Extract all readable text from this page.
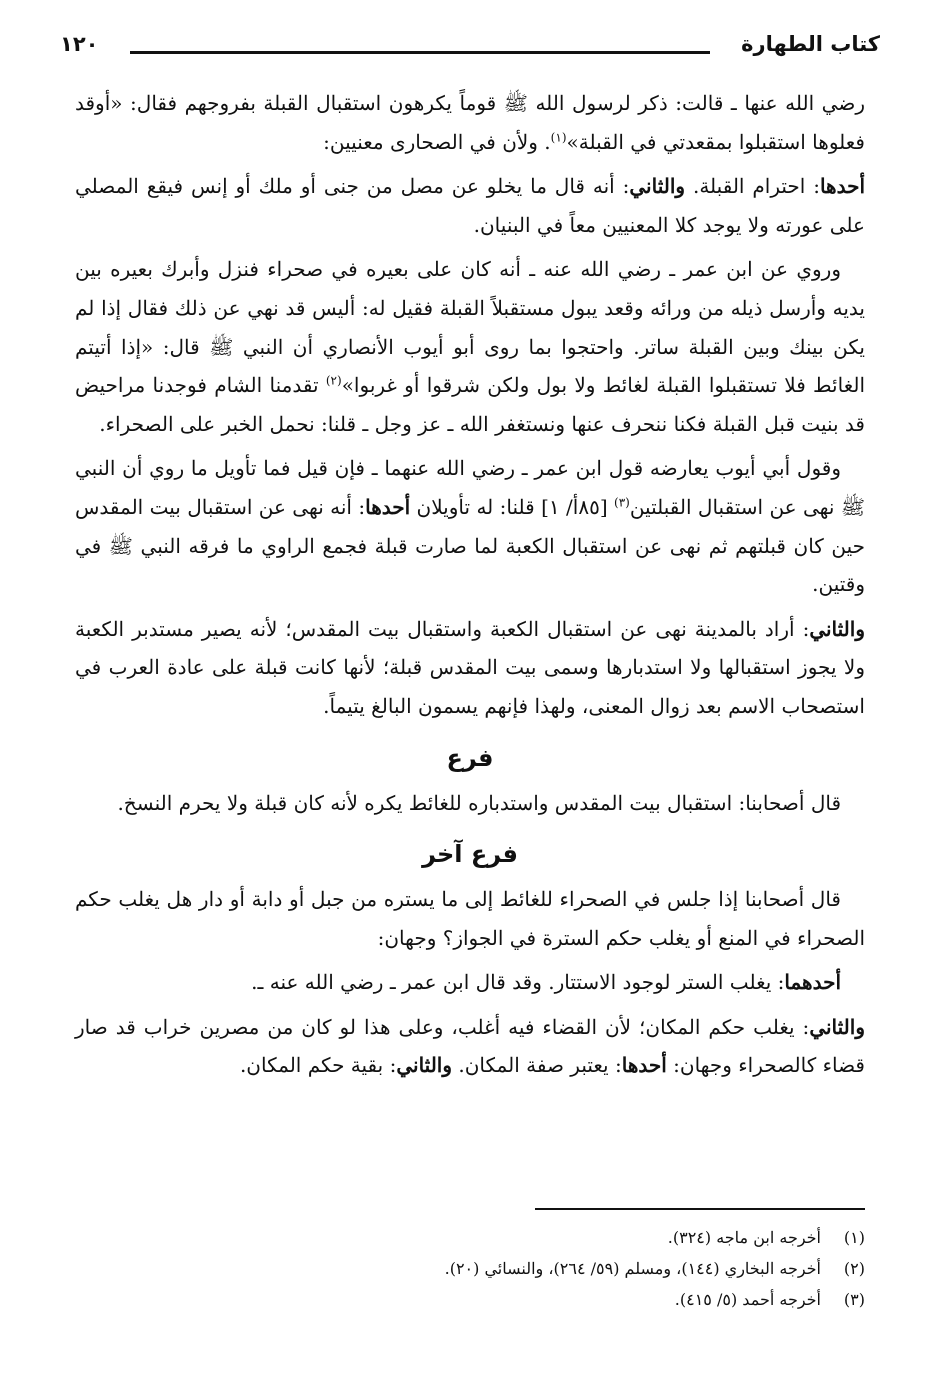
كتاب الطهارة
١٢٠

رضي الله عنها ـ قالت: ذكر لرسول الله ﷺ قوماً يكرهون استقبال القبلة بفروجهم فقال: «أوقد فعلوها استقبلوا بمقعدتي في القبلة»$^{(١)}$. ولأن في الصحارى معنيين:

أحدها: احترام القبلة. والثاني: أنه قال ما يخلو عن مصل من جنى أو ملك أو إنس فيقع المصلي على عورته ولا يوجد كلا المعنيين معاً في البنيان.

وروي عن ابن عمر ـ رضي الله عنه ـ أنه كان على بعيره في صحراء فنزل وأبرك بعيره بين يديه وأرسل ذيله من ورائه وقعد يبول مستقبلاً القبلة فقيل له: أليس قد نهي عن ذلك فقال إذا لم يكن بينك وبين القبلة ساتر. واحتجوا بما روى أبو أيوب الأنصاري أن النبي ﷺ قال: «إذا أتيتم الغائط فلا تستقبلوا القبلة لغائط ولا بول ولكن شرقوا أو غربوا»$^{(٢)}$ تقدمنا الشام فوجدنا مراحيض قد بنيت قبل القبلة فكنا ننحرف عنها ونستغفر الله ـ عز وجل ـ قلنا: نحمل الخبر على الصحراء.

وقول أبي أيوب يعارضه قول ابن عمر ـ رضي الله عنهما ـ فإن قيل فما تأويل ما روي أن النبي ﷺ نهى عن استقبال القبلتين$^{(٣)}$ [٨٥أ/ ١] قلنا: له تأويلان أحدها: أنه نهى عن استقبال بيت المقدس حين كان قبلتهم ثم نهى عن استقبال الكعبة لما صارت قبلة فجمع الراوي ما فرقه النبي ﷺ في وقتين.

والثاني: أراد بالمدينة نهى عن استقبال الكعبة واستقبال بيت المقدس؛ لأنه يصير مستدبر الكعبة ولا يجوز استقبالها ولا استدبارها وسمى بيت المقدس قبلة؛ لأنها كانت قبلة على عادة العرب في استصحاب الاسم بعد زوال المعنى، ولهذا فإنهم يسمون البالغ يتيماً.

فرع

قال أصحابنا: استقبال بيت المقدس واستدباره للغائط يكره لأنه كان قبلة ولا يحرم النسخ.

فرع آخر

قال أصحابنا إذا جلس في الصحراء للغائط إلى ما يستره من جبل أو دابة أو دار هل يغلب حكم الصحراء في المنع أو يغلب حكم السترة في الجواز؟ وجهان:

أحدهما: يغلب الستر لوجود الاستتار. وقد قال ابن عمر ـ رضي الله عنه ـ.

والثاني: يغلب حكم المكان؛ لأن القضاء فيه أغلب، وعلى هذا لو كان من مصرين خراب قد صار قضاء كالصحراء وجهان: أحدها: يعتبر صفة المكان. والثاني: بقية حكم المكان.

(١)أخرجه ابن ماجه (٣٢٤).
(٢)أخرجه البخاري (١٤٤)، ومسلم (٥٩/ ٢٦٤)، والنسائي (٢٠).
(٣)أخرجه أحمد (٥/ ٤١٥).
